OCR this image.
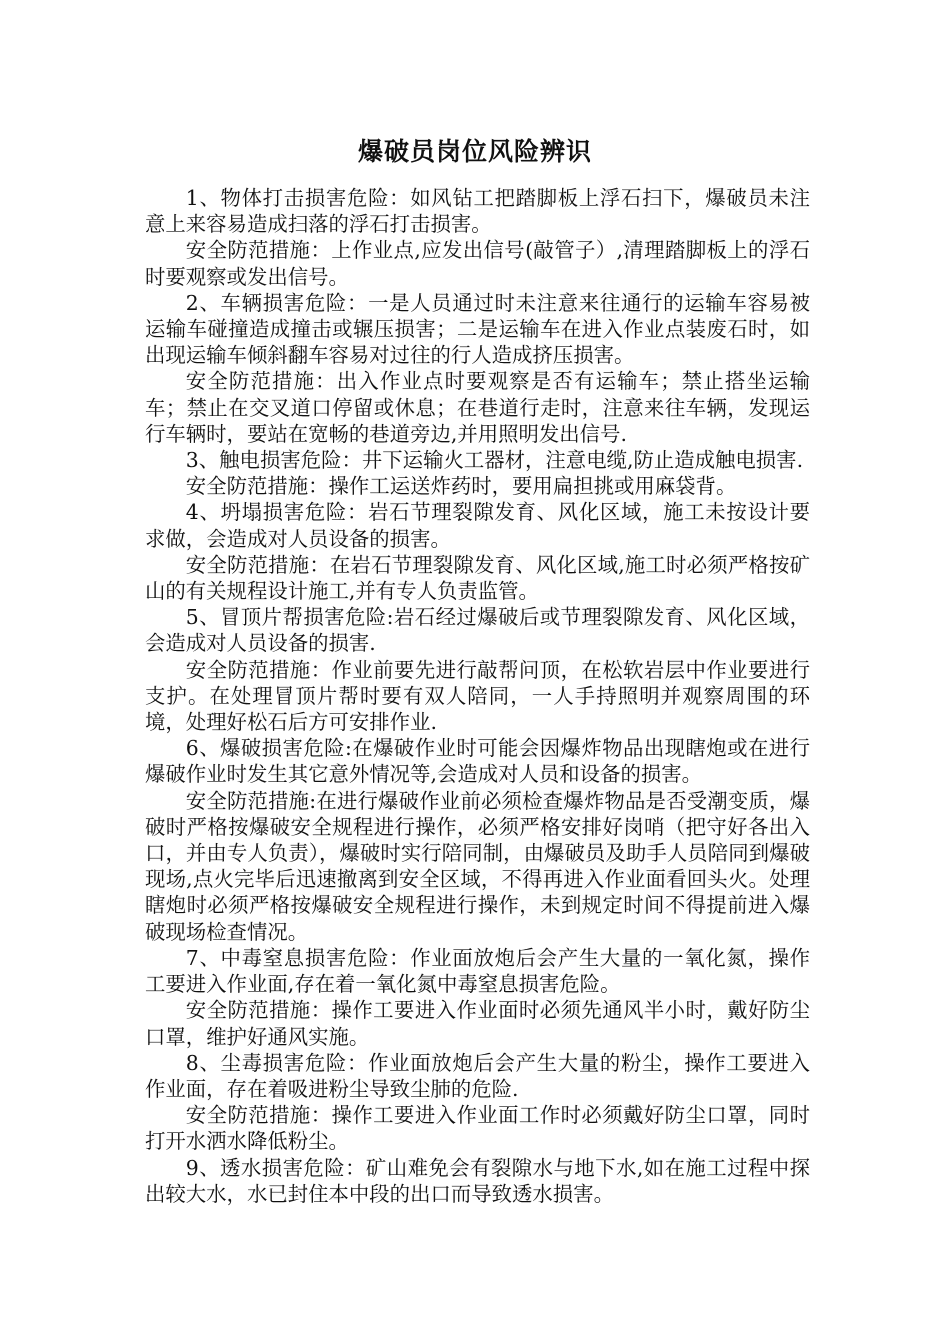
爆破员岗位风险辨识

1、物体打击损害危险：如风钻工把踏脚板上浮石扫下，爆破员未注意上来容易造成扫落的浮石打击损害。

安全防范措施：上作业点,应发出信号(敲管子）,清理踏脚板上的浮石时要观察或发出信号。

2、车辆损害危险：一是人员通过时未注意来往通行的运输车容易被运输车碰撞造成撞击或辗压损害；二是运输车在进入作业点装废石时，如出现运输车倾斜翻车容易对过往的行人造成挤压损害。

安全防范措施：出入作业点时要观察是否有运输车；禁止搭坐运输车；禁止在交叉道口停留或休息；在巷道行走时，注意来往车辆，发现运行车辆时，要站在宽畅的巷道旁边,并用照明发出信号.

3、触电损害危险：井下运输火工器材，注意电缆,防止造成触电损害.

安全防范措施：操作工运送炸药时，要用扁担挑或用麻袋背。

4、坍塌损害危险：岩石节理裂隙发育、风化区域，施工未按设计要求做，会造成对人员设备的损害。

安全防范措施：在岩石节理裂隙发育、风化区域,施工时必须严格按矿山的有关规程设计施工,并有专人负责监管。

5、冒顶片帮损害危险:岩石经过爆破后或节理裂隙发育、风化区域，会造成对人员设备的损害.

安全防范措施：作业前要先进行敲帮问顶，在松软岩层中作业要进行支护。在处理冒顶片帮时要有双人陪同，一人手持照明并观察周围的环境，处理好松石后方可安排作业.

6、爆破损害危险:在爆破作业时可能会因爆炸物品出现瞎炮或在进行爆破作业时发生其它意外情况等,会造成对人员和设备的损害。

安全防范措施:在进行爆破作业前必须检查爆炸物品是否受潮变质，爆破时严格按爆破安全规程进行操作，必须严格安排好岗哨（把守好各出入口，并由专人负责），爆破时实行陪同制，由爆破员及助手人员陪同到爆破现场,点火完毕后迅速撤离到安全区域，不得再进入作业面看回头火。处理瞎炮时必须严格按爆破安全规程进行操作，未到规定时间不得提前进入爆破现场检查情况。

7、中毒窒息损害危险：作业面放炮后会产生大量的一氧化氮，操作工要进入作业面,存在着一氧化氮中毒窒息损害危险。

安全防范措施：操作工要进入作业面时必须先通风半小时，戴好防尘口罩，维护好通风实施。

8、尘毒损害危险：作业面放炮后会产生大量的粉尘，操作工要进入作业面，存在着吸进粉尘导致尘肺的危险.

安全防范措施：操作工要进入作业面工作时必须戴好防尘口罩，同时打开水洒水降低粉尘。

9、透水损害危险：矿山难免会有裂隙水与地下水,如在施工过程中探出较大水，水已封住本中段的出口而导致透水损害。
